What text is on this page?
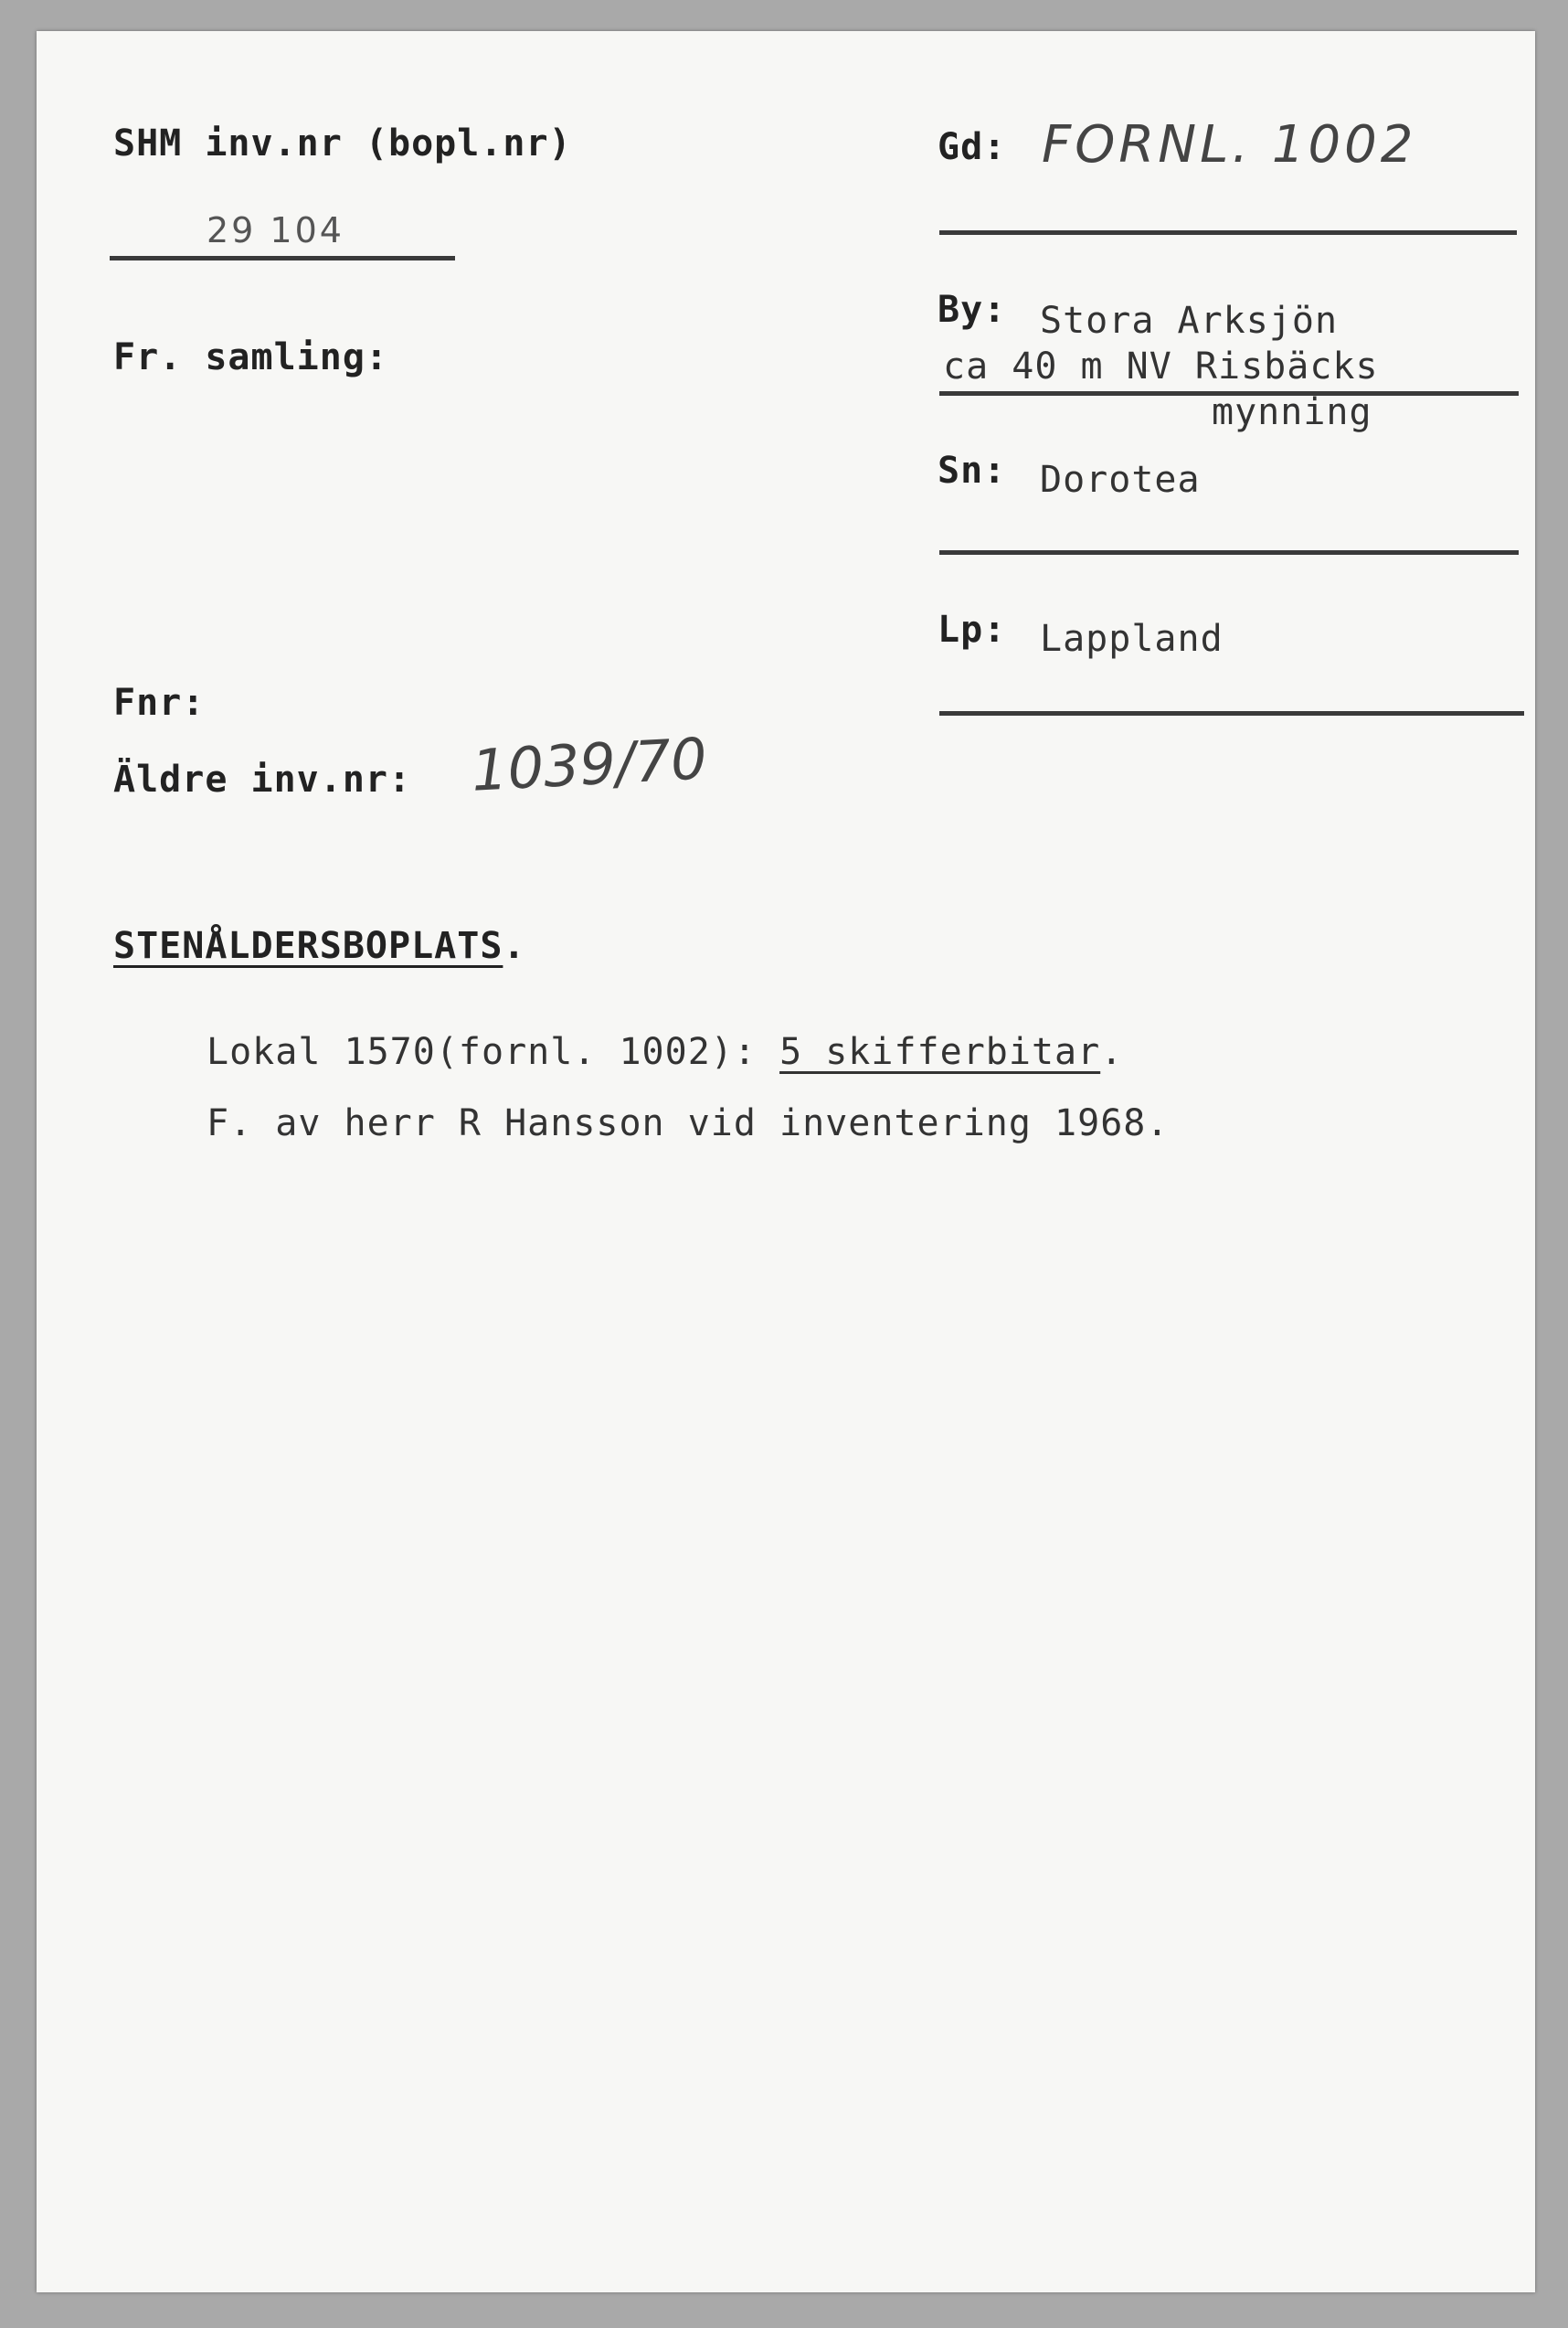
SHM inv.nr (bopl.nr)
29 104
Fr. samling:
Fnr:
Äldre inv.nr: 1039/70
Gd: FORNL. 1002
By: Stora Arksjön
ca 40 m NV Risbäcks
mynning
Sn: Dorotea
Lp: Lappland
STENÅLDERSBOPLATS.
Lokal 1570(fornl. 1002): 5 skifferbitar.
F. av herr R Hansson vid inventering 1968.
